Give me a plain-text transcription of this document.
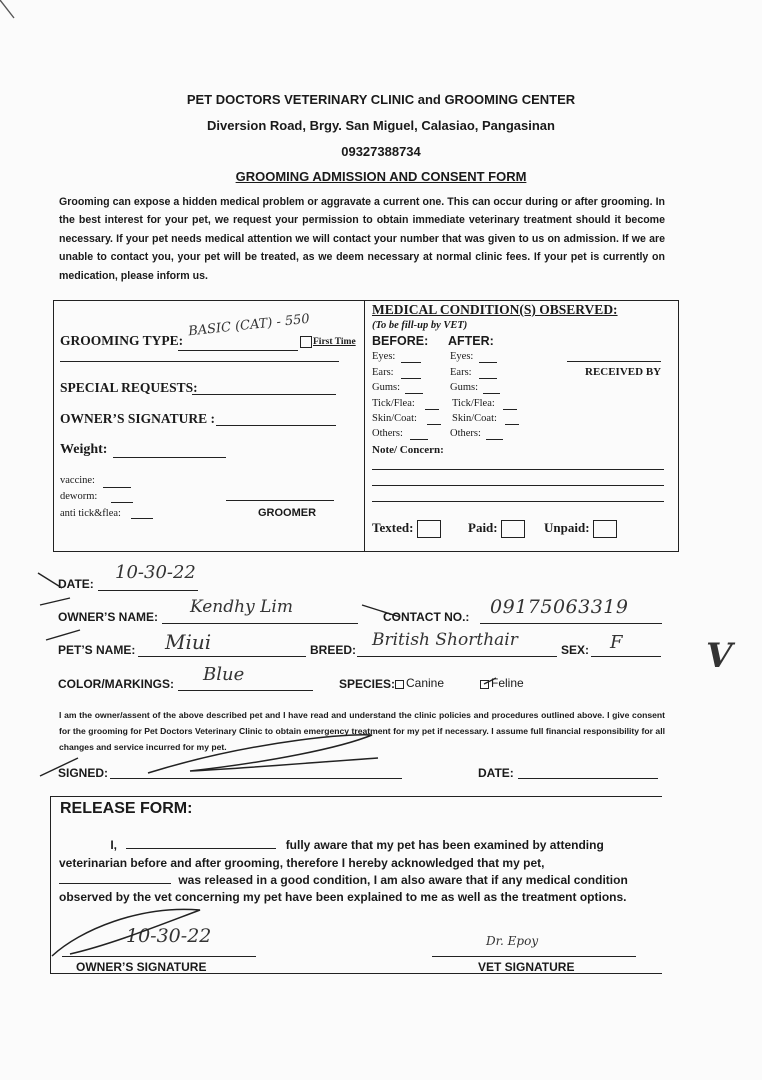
PET DOCTORS VETERINARY CLINIC and GROOMING CENTER
Diversion Road, Brgy. San Miguel, Calasiao, Pangasinan
09327388734
GROOMING ADMISSION AND CONSENT FORM
Grooming can expose a hidden medical problem or aggravate a current one. This can occur during or after grooming. In the best interest for your pet, we request your permission to obtain immediate veterinary treatment should it become necessary. If your pet needs medical attention we will contact your number that was given to us on admission. If we are unable to contact you, your pet will be treated, as we deem necessary at normal clinic fees. If your pet is currently on medication, please inform us.
GROOMING TYPE:
BASIC (CAT) - 550
First Time
SPECIAL REQUESTS:
OWNER’S SIGNATURE :
Weight:
vaccine:
deworm:
anti tick&flea:	GROOMER
MEDICAL CONDITION(S) OBSERVED:
(To be fill-up by VET)
BEFORE: AFTER:
Eyes:	Eyes:
Ears:	Ears:
Gums:	Gums:
Tick/Flea:	Tick/Flea:
Skin/Coat:	Skin/Coat:
Others:	Others:
RECEIVED BY
Note/ Concern:
Texted:	Paid:	Unpaid:
DATE:
10-30-22
OWNER’S NAME: Kendhy Lim	CONTACT NO.: 09175063319
PET’S NAME: Miui	BREED: British Shorthair	SEX: F
COLOR/MARKINGS: Blue	SPECIES: Canine	Feline
I am the owner/assent of the above described pet and I have read and understand the clinic policies and procedures outlined above. I give consent for the grooming for Pet Doctors Veterinary Clinic to obtain emergency treatment for my pet if necessary. I assume full financial responsibility for all changes and service incurred for my pet.
SIGNED:	DATE:
RELEASE FORM:
I,	fully aware that my pet has been examined by attending
veterinarian before and after grooming, therefore I hereby acknowledged that my pet,
was released in a good condition, I am also aware that if any medical condition
observed by the vet concerning my pet have been explained to me as well as the treatment options.
10-30-22
OWNER’S SIGNATURE
Dr. Epoy
VET SIGNATURE
V
